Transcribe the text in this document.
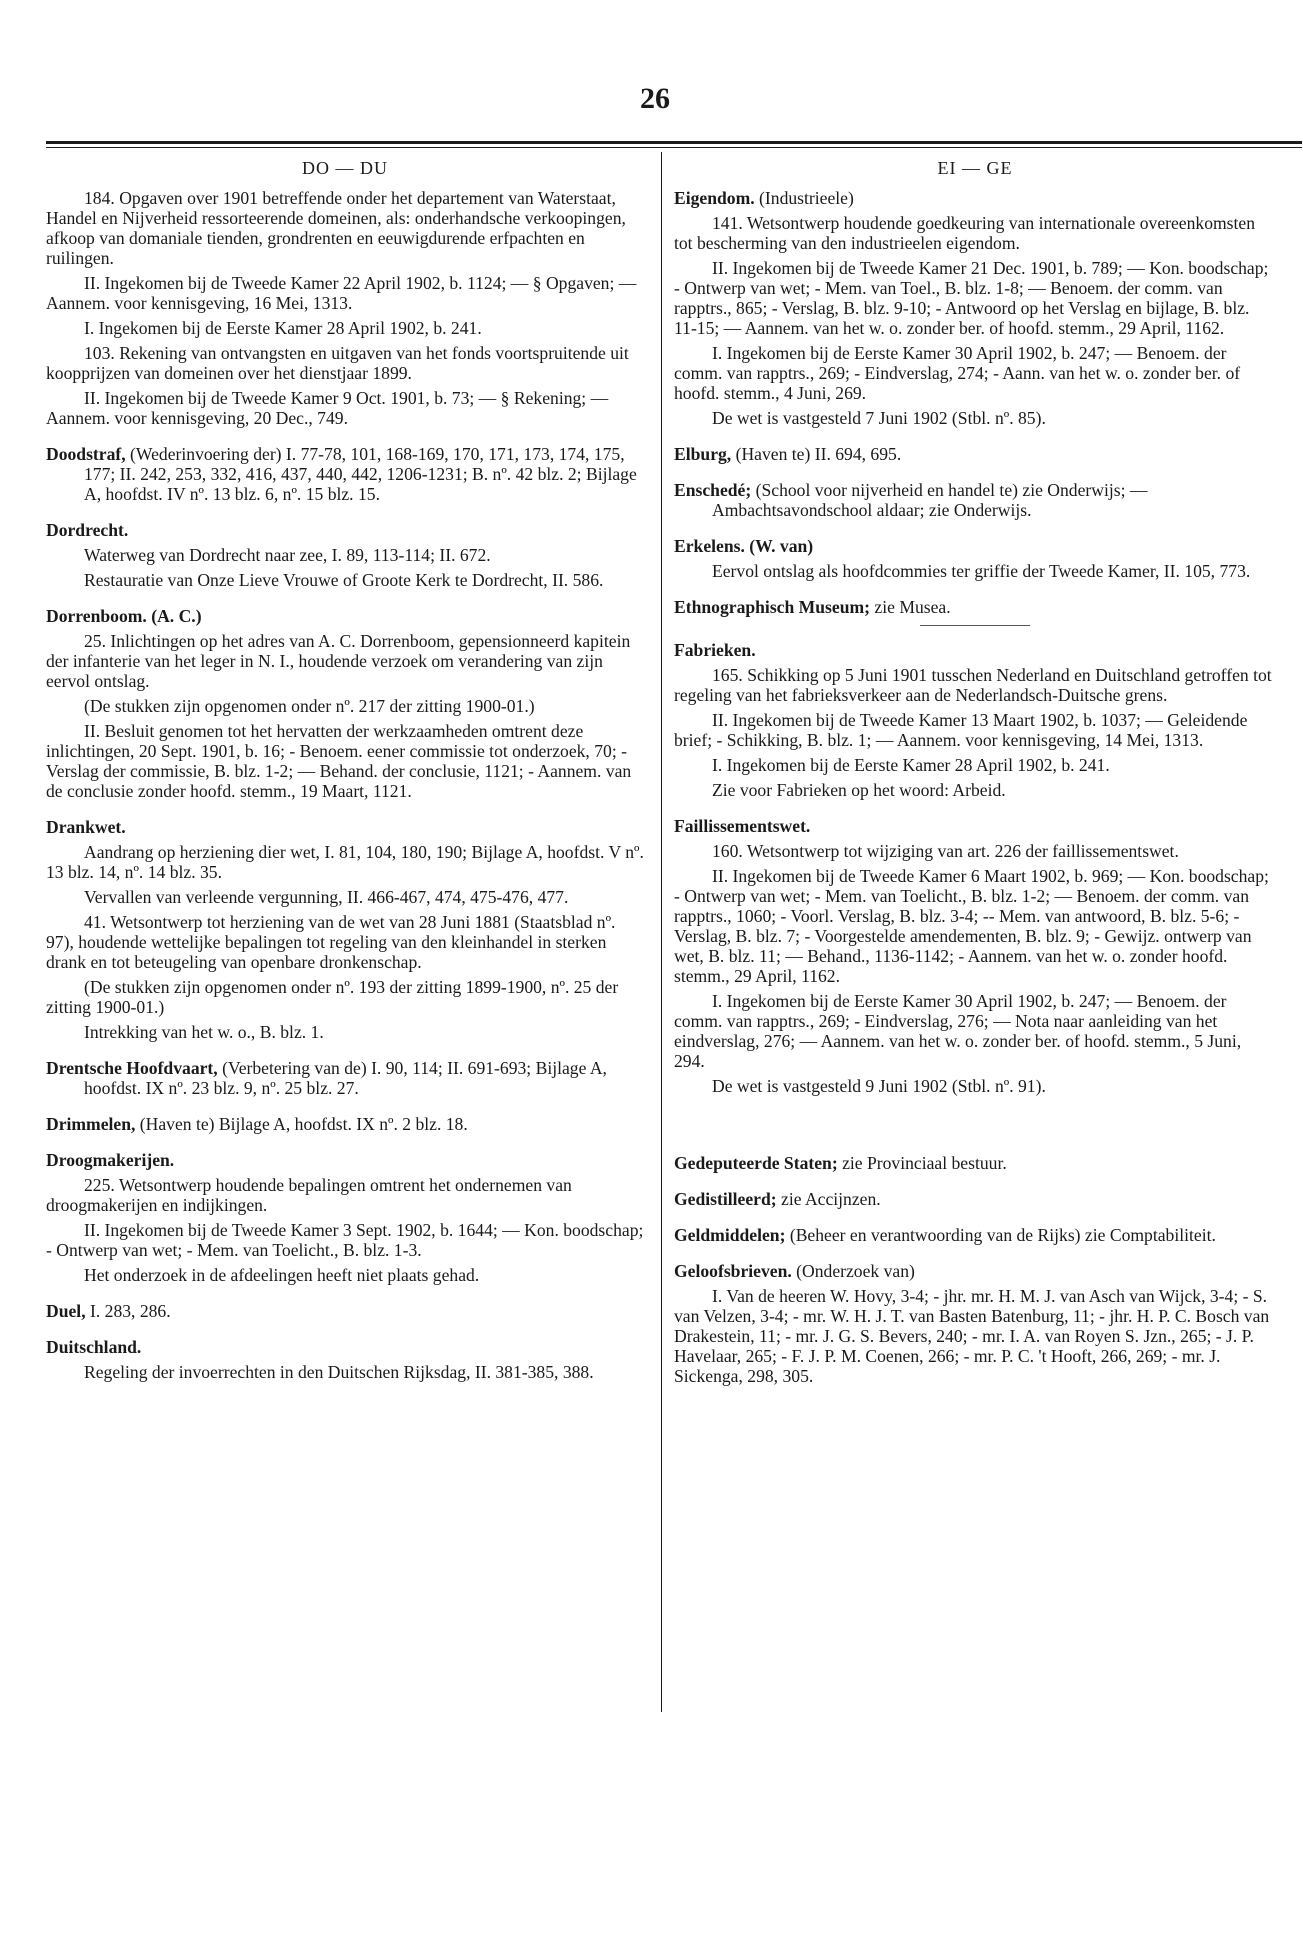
26
DO — DU

184. Opgaven over 1901 betreffende onder het departement van Waterstaat, Handel en Nijverheid ressorteerende domeinen, als: onderhandsche verkoopingen, afkoop van domaniale tienden, grondrenten en eeuwigdurende erfpachten en ruilingen.

II. Ingekomen bij de Tweede Kamer 22 April 1902, b. 1124; — § Opgaven; — Aannem. voor kennisgeving, 16 Mei, 1313.

I. Ingekomen bij de Eerste Kamer 28 April 1902, b. 241.

103. Rekening van ontvangsten en uitgaven van het fonds voortspruitende uit koopprijzen van domeinen over het dienstjaar 1899.

II. Ingekomen bij de Tweede Kamer 9 Oct. 1901, b. 73; — § Rekening; — Aannem. voor kennisgeving, 20 Dec., 749.

Doodstraf, (Wederinvoering der) I. 77-78, 101, 168-169, 170, 171, 173, 174, 175, 177; II. 242, 253, 332, 416, 437, 440, 442, 1206-1231; B. nº. 42 blz. 2; Bijlage A, hoofdst. IV nº. 13 blz. 6, nº. 15 blz. 15.

Dordrecht.

Waterweg van Dordrecht naar zee, I. 89, 113-114; II. 672.

Restauratie van Onze Lieve Vrouwe of Groote Kerk te Dordrecht, II. 586.

Dorrenboom. (A. C.)

25. Inlichtingen op het adres van A. C. Dorrenboom, gepensionneerd kapitein der infanterie van het leger in N. I., houdende verzoek om verandering van zijn eervol ontslag.

(De stukken zijn opgenomen onder nº. 217 der zitting 1900-01.)

II. Besluit genomen tot het hervatten der werkzaamheden omtrent deze inlichtingen, 20 Sept. 1901, b. 16; - Benoem. eener commissie tot onderzoek, 70; - Verslag der commissie, B. blz. 1-2; — Behand. der conclusie, 1121; - Aannem. van de conclusie zonder hoofd. stemm., 19 Maart, 1121.

Drankwet.

Aandrang op herziening dier wet, I. 81, 104, 180, 190; Bijlage A, hoofdst. V nº. 13 blz. 14, nº. 14 blz. 35.

Vervallen van verleende vergunning, II. 466-467, 474, 475-476, 477.

41. Wetsontwerp tot herziening van de wet van 28 Juni 1881 (Staatsblad nº. 97), houdende wettelijke bepalingen tot regeling van den kleinhandel in sterken drank en tot beteugeling van openbare dronkenschap.

(De stukken zijn opgenomen onder nº. 193 der zitting 1899-1900, nº. 25 der zitting 1900-01.)

Intrekking van het w. o., B. blz. 1.

Drentsche Hoofdvaart, (Verbetering van de) I. 90, 114; II. 691-693; Bijlage A, hoofdst. IX nº. 23 blz. 9, nº. 25 blz. 27.

Drimmelen, (Haven te) Bijlage A, hoofdst. IX nº. 2 blz. 18.

Droogmakerijen.

225. Wetsontwerp houdende bepalingen omtrent het ondernemen van droogmakerijen en indijkingen.

II. Ingekomen bij de Tweede Kamer 3 Sept. 1902, b. 1644; — Kon. boodschap; - Ontwerp van wet; - Mem. van Toelicht., B. blz. 1-3.

Het onderzoek in de afdeelingen heeft niet plaats gehad.

Duel, I. 283, 286.

Duitschland.

Regeling der invoerrechten in den Duitschen Rijksdag, II. 381-385, 388.

EI — GE

Eigendom. (Industrieele)

141. Wetsontwerp houdende goedkeuring van internationale overeenkomsten tot bescherming van den industrieelen eigendom.

II. Ingekomen bij de Tweede Kamer 21 Dec. 1901, b. 789; — Kon. boodschap; - Ontwerp van wet; - Mem. van Toel., B. blz. 1-8; — Benoem. der comm. van rapptrs., 865; - Verslag, B. blz. 9-10; - Antwoord op het Verslag en bijlage, B. blz. 11-15; — Aannem. van het w. o. zonder ber. of hoofd. stemm., 29 April, 1162.

I. Ingekomen bij de Eerste Kamer 30 April 1902, b. 247; — Benoem. der comm. van rapptrs., 269; - Eindverslag, 274; - Aann. van het w. o. zonder ber. of hoofd. stemm., 4 Juni, 269.

De wet is vastgesteld 7 Juni 1902 (Stbl. nº. 85).

Elburg, (Haven te) II. 694, 695.

Enschedé; (School voor nijverheid en handel te) zie Onderwijs; — Ambachtsavondschool aldaar; zie Onderwijs.

Erkelens. (W. van)

Eervol ontslag als hoofdcommies ter griffie der Tweede Kamer, II. 105, 773.

Ethnographisch Museum; zie Musea.

Fabrieken.

165. Schikking op 5 Juni 1901 tusschen Nederland en Duitschland getroffen tot regeling van het fabrieksverkeer aan de Nederlandsch-Duitsche grens.

II. Ingekomen bij de Tweede Kamer 13 Maart 1902, b. 1037; — Geleidende brief; - Schikking, B. blz. 1; — Aannem. voor kennisgeving, 14 Mei, 1313.

I. Ingekomen bij de Eerste Kamer 28 April 1902, b. 241.

Zie voor Fabrieken op het woord: Arbeid.

Faillissementswet.

160. Wetsontwerp tot wijziging van art. 226 der faillissementswet.

II. Ingekomen bij de Tweede Kamer 6 Maart 1902, b. 969; — Kon. boodschap; - Ontwerp van wet; - Mem. van Toelicht., B. blz. 1-2; — Benoem. der comm. van rapptrs., 1060; - Voorl. Verslag, B. blz. 3-4; -- Mem. van antwoord, B. blz. 5-6; - Verslag, B. blz. 7; - Voorgestelde amendementen, B. blz. 9; - Gewijz. ontwerp van wet, B. blz. 11; — Behand., 1136-1142; - Aannem. van het w. o. zonder hoofd. stemm., 29 April, 1162.

I. Ingekomen bij de Eerste Kamer 30 April 1902, b. 247; — Benoem. der comm. van rapptrs., 269; - Eindverslag, 276; — Nota naar aanleiding van het eindverslag, 276; — Aannem. van het w. o. zonder ber. of hoofd. stemm., 5 Juni, 294.

De wet is vastgesteld 9 Juni 1902 (Stbl. nº. 91).

Gedeputeerde Staten; zie Provinciaal bestuur.

Gedistilleerd; zie Accijnzen.

Geldmiddelen; (Beheer en verantwoording van de Rijks) zie Comptabiliteit.

Geloofsbrieven. (Onderzoek van)

I. Van de heeren W. Hovy, 3-4; - jhr. mr. H. M. J. van Asch van Wijck, 3-4; - S. van Velzen, 3-4; - mr. W. H. J. T. van Basten Batenburg, 11; - jhr. H. P. C. Bosch van Drakestein, 11; - mr. J. G. S. Bevers, 240; - mr. I. A. van Royen S. Jzn., 265; - J. P. Havelaar, 265; - F. J. P. M. Coenen, 266; - mr. P. C. 't Hooft, 266, 269; - mr. J. Sickenga, 298, 305.
